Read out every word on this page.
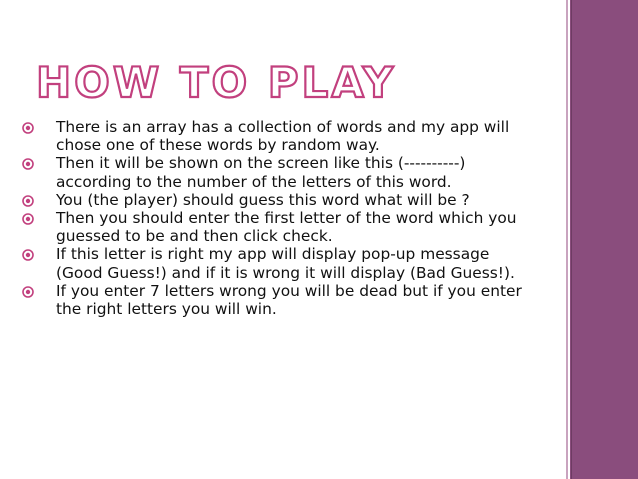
HOW TO PLAY
There is an array has a collection of words and my app will chose one of these words by random way.
Then it will be shown on the screen like this (----------) according to the number of the letters of this word.
You (the player) should guess this word what will be ?
Then you should enter the first letter of the word which you guessed to be and then click check.
If this letter is right my app will display pop-up message (Good Guess!) and if it is wrong it will display (Bad Guess!).
If you enter 7 letters wrong you will be dead but if you enter the right letters you will win.
